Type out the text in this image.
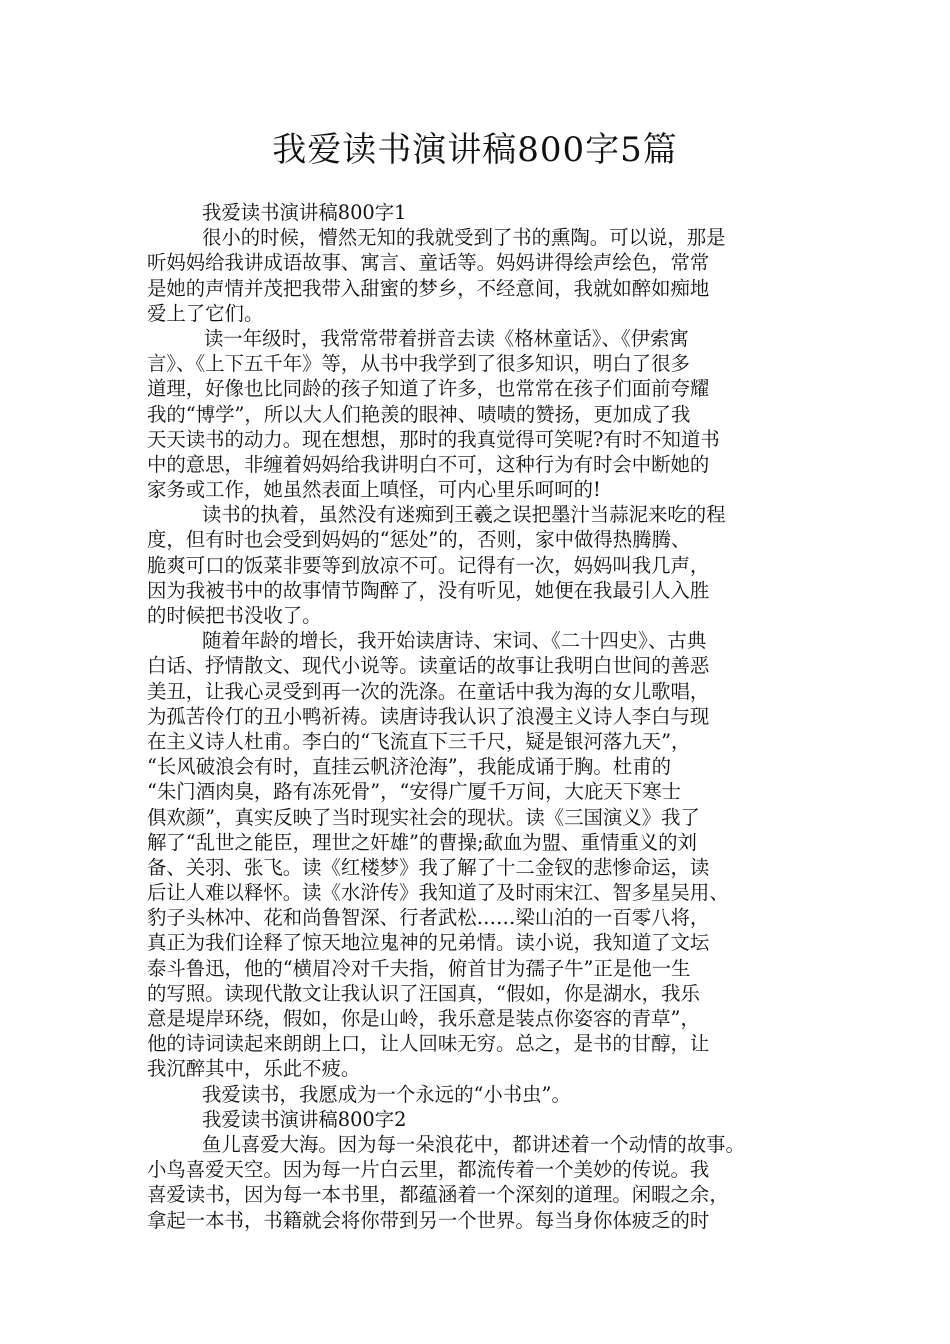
我爱读书演讲稿800字5篇
我爱读书演讲稿800字1
很小的时候，懵然无知的我就受到了书的熏陶。可以说，那是
听妈妈给我讲成语故事、寓言、童话等。妈妈讲得绘声绘色，常常
是她的声情并茂把我带入甜蜜的梦乡，不经意间，我就如醉如痴地
爱上了它们。
读一年级时，我常常带着拼音去读《格林童话》、《伊索寓
言》、《上下五千年》等，从书中我学到了很多知识，明白了很多
道理，好像也比同龄的孩子知道了许多，也常常在孩子们面前夸耀
我的“博学”，所以大人们艳羡的眼神、啧啧的赞扬，更加成了我
天天读书的动力。现在想想，那时的我真觉得可笑呢?有时不知道书
中的意思，非缠着妈妈给我讲明白不可，这种行为有时会中断她的
家务或工作，她虽然表面上嗔怪，可内心里乐呵呵的!
读书的执着，虽然没有迷痴到王羲之误把墨汁当蒜泥来吃的程
度，但有时也会受到妈妈的“惩处”的，否则，家中做得热腾腾、
脆爽可口的饭菜非要等到放凉不可。记得有一次，妈妈叫我几声，
因为我被书中的故事情节陶醉了，没有听见，她便在我最引人入胜
的时候把书没收了。
随着年龄的增长，我开始读唐诗、宋词、《二十四史》、古典
白话、抒情散文、现代小说等。读童话的故事让我明白世间的善恶
美丑，让我心灵受到再一次的洗涤。在童话中我为海的女儿歌唱，
为孤苦伶仃的丑小鸭祈祷。读唐诗我认识了浪漫主义诗人李白与现
在主义诗人杜甫。李白的“飞流直下三千尺，疑是银河落九天”，
“长风破浪会有时，直挂云帆济沧海”，我能成诵于胸。杜甫的
“朱门酒肉臭，路有冻死骨”，“安得广厦千万间，大庇天下寒士
俱欢颜”，真实反映了当时现实社会的现状。读《三国演义》我了
解了“乱世之能臣，理世之奸雄”的曹操;歃血为盟、重情重义的刘
备、关羽、张飞。读《红楼梦》我了解了十二金钗的悲惨命运，读
后让人难以释怀。读《水浒传》我知道了及时雨宋江、智多星吴用、
豹子头林冲、花和尚鲁智深、行者武松……梁山泊的一百零八将，
真正为我们诠释了惊天地泣鬼神的兄弟情。读小说，我知道了文坛
泰斗鲁迅，他的“横眉冷对千夫指，俯首甘为孺子牛”正是他一生
的写照。读现代散文让我认识了汪国真，“假如，你是湖水，我乐
意是堤岸环绕，假如，你是山岭，我乐意是装点你姿容的青草”，
他的诗词读起来朗朗上口，让人回味无穷。总之，是书的甘醇，让
我沉醉其中，乐此不疲。
我爱读书，我愿成为一个永远的“小书虫”。
我爱读书演讲稿800字2
鱼儿喜爱大海。因为每一朵浪花中，都讲述着一个动情的故事。
小鸟喜爱天空。因为每一片白云里，都流传着一个美妙的传说。我
喜爱读书，因为每一本书里，都蕴涵着一个深刻的道理。闲暇之余，
拿起一本书，书籍就会将你带到另一个世界。每当身你体疲乏的时
